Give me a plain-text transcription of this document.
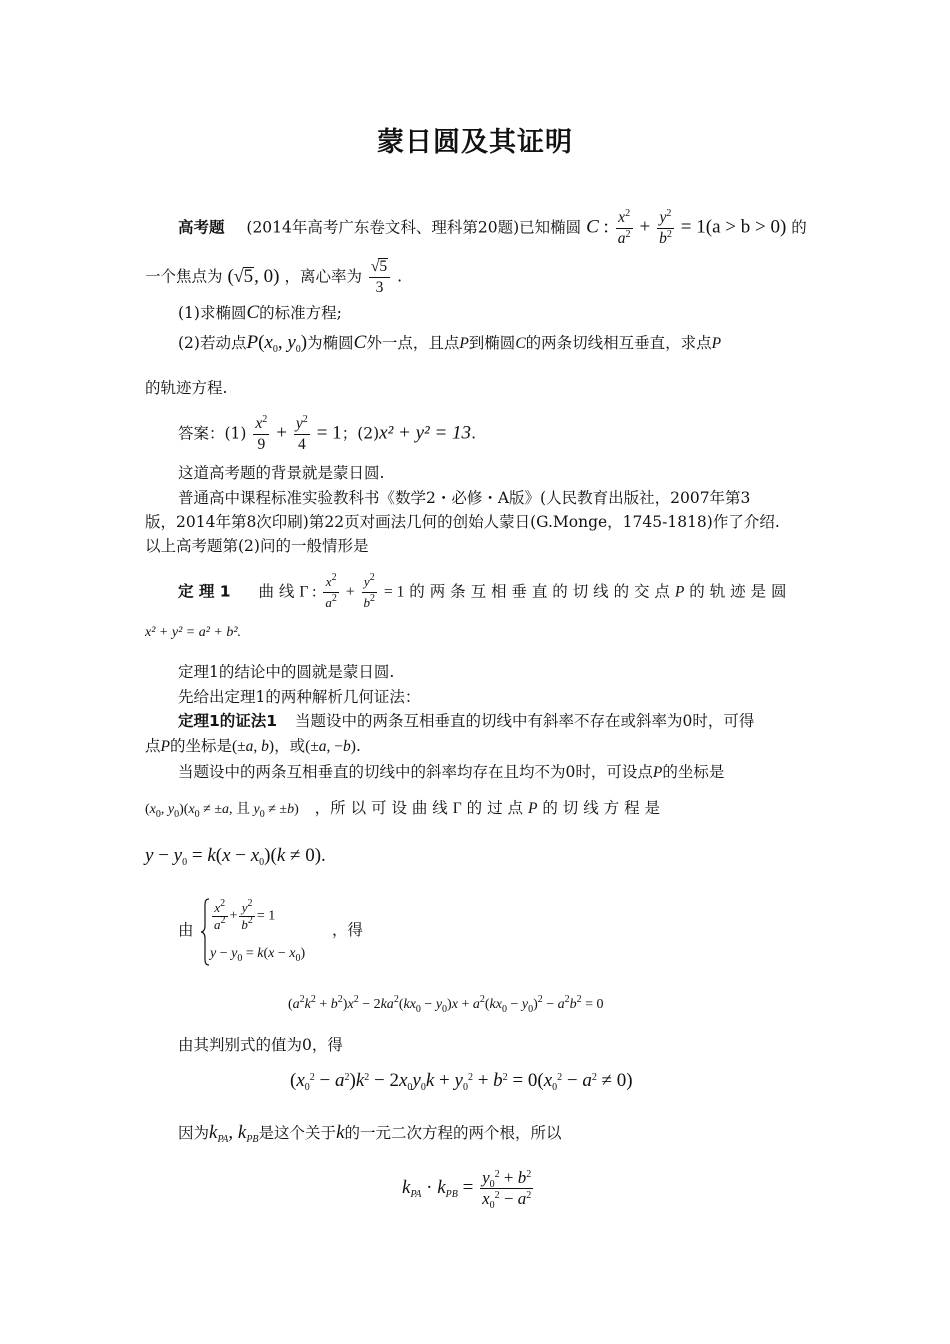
蒙日圆及其证明
高考题 (2014年高考广东卷文科、理科第20题)已知椭圆 C : $\frac{x^2}{a^2} + \frac{y^2}{b^2} = 1(a > b > 0)$ 的
一个焦点为 (√5, 0) ，离心率为 $\frac{√5}{3}$ .
(1)求椭圆C的标准方程;
(2)若动点$P(x_0$, $y_0$)为椭圆C外一点，且点P到椭圆C的两条切线相互垂直，求点P
的轨迹方程.
答案：$(1) \frac{x^2}{9} + \frac{y^2}{4} = 1$；(2)x² + y² = 13.
这道高考题的背景就是蒙日圆.
普通高中课程标准实验教科书《数学2・必修・A版》(人民教育出版社，2007年第3
版，2014年第8次印刷)第22页对画法几何的创始人蒙日(G.Monge，1745-1818)作了介绍.
以上高考题第(2)问的一般情形是
定 理 1 曲 线 Γ : $\frac{x^2}{a^2} + \frac{y^2}{b^2} = 1$ 的 两 条 互 相 垂 直 的 切 线 的 交 点 P 的 轨 迹 是 圆
x² + y² = a² + b².
定理1的结论中的圆就是蒙日圆.
先给出定理1的两种解析几何证法：
定理1的证法1 当题设中的两条互相垂直的切线中有斜率不存在或斜率为0时，可得
点P的坐标是(±a, b)，或(±a, −b).
当题设中的两条互相垂直的切线中的斜率均存在且均不为0时，可设点P的坐标是
($x_0$, $y_0)(x_0 \ne \pm a$, 且 $y_0 \ne \pm b$) ，所 以 可 设 曲 线 Γ 的 过 点 P 的 切 线 方 程 是
$y - y_0 = k(x - x_0)(k \ne 0)$.
由 $\frac{x^2}{a^2} + \frac{y^2}{b^2} = 1$
$y - y_0 = k(x - x_0)$
，得
$(a^2k^2 + b^2)x^2 - 2ka^2(kx_0 - y_0)x + a^2(kx_0 - y_0)^2 - a^2b^2 = 0$
由其判别式的值为0，得
$(x_0^2 - a^2)k^2 - 2x_0y_0k + y_0^2 + b^2 = 0(x_0^2 - a^2 \ne 0)$
因为$k_{PA}$, $k_{PB}$是这个关于k的一元二次方程的两个根，所以
$k_{PA} \cdot k_{PB} = \frac{y_0^2 + b^2}{x_0^2 - a^2}$
